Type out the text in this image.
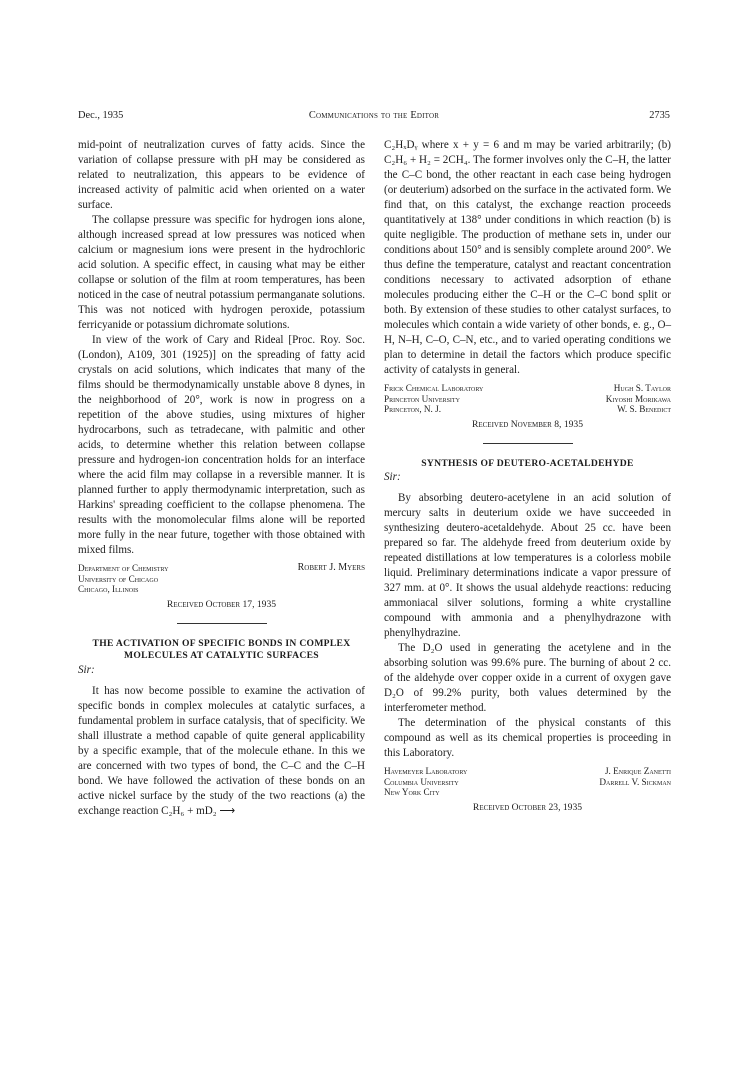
Dec., 1935	Communications to the Editor	2735

mid-point of neutralization curves of fatty acids. Since the variation of collapse pressure with pH may be considered as related to neutralization, this appears to be evidence of increased activity of palmitic acid when oriented on a water surface.

The collapse pressure was specific for hydrogen ions alone, although increased spread at low pressures was noticed when calcium or magnesium ions were present in the hydrochloric acid solution. A specific effect, in causing what may be either collapse or solution of the film at room temperatures, has been noticed in the case of neutral potassium permanganate solutions. This was not noticed with hydrogen peroxide, potassium ferricyanide or potassium dichromate solutions.

In view of the work of Cary and Rideal [Proc. Roy. Soc. (London), A109, 301 (1925)] on the spreading of fatty acid crystals on acid solutions, which indicates that many of the films should be thermodynamically unstable above 8 dynes, in the neighborhood of 20°, work is now in progress on a repetition of the above studies, using mixtures of higher hydrocarbons, such as tetradecane, with palmitic and other acids, to determine whether this relation between collapse pressure and hydrogen-ion concentration holds for an interface where the acid film may collapse in a reversible manner. It is planned further to apply thermodynamic interpretation, such as Harkins' spreading coefficient to the collapse phenomena. The results with the monomolecular films alone will be reported more fully in the near future, together with those obtained with mixed films.

Department of Chemistry	Robert J. Myers
University of Chicago
Chicago, Illinois
Received October 17, 1935
THE ACTIVATION OF SPECIFIC BONDS IN COMPLEX MOLECULES AT CATALYTIC SURFACES
Sir:

It has now become possible to examine the activation of specific bonds in complex molecules at catalytic surfaces, a fundamental problem in surface catalysis, that of specificity. We shall illustrate a method capable of quite general applicability by a specific example, that of the molecule ethane. In this we are concerned with two types of bond, the C–C and the C–H bond. We have followed the activation of these bonds on an active nickel surface by the study of the two reactions (a) the exchange reaction C₂H₆ + mD₂ ⟶

C₂HₓDᵧ where x + y = 6 and m may be varied arbitrarily; (b) C₂H₆ + H₂ = 2CH₄. The former involves only the C–H, the latter the C–C bond, the other reactant in each case being hydrogen (or deuterium) adsorbed on the surface in the activated form. We find that, on this catalyst, the exchange reaction proceeds quantitatively at 138° under conditions in which reaction (b) is quite negligible. The production of methane sets in, under our conditions about 150° and is sensibly complete around 200°. We thus define the temperature, catalyst and reactant concentration conditions necessary to activated adsorption of ethane molecules producing either the C–H or the C–C bond split or both. By extension of these studies to other catalyst surfaces, to molecules which contain a wide variety of other bonds, e. g., O–H, N–H, C–O, C–N, etc., and to varied operating conditions we plan to determine in detail the factors which produce specific activity of catalysts in general.

Frick Chemical Laboratory	Hugh S. Taylor
Princeton University	Kiyoshi Morikawa
Princeton, N. J.	W. S. Benedict
Received November 8, 1935
SYNTHESIS OF DEUTERO-ACETALDEHYDE
Sir:

By absorbing deutero-acetylene in an acid solution of mercury salts in deuterium oxide we have succeeded in synthesizing deutero-acetaldehyde. About 25 cc. have been prepared so far. The aldehyde freed from deuterium oxide by repeated distillations at low temperatures is a colorless mobile liquid. Preliminary determinations indicate a vapor pressure of 327 mm. at 0°. It shows the usual aldehyde reactions: reducing ammoniacal silver solutions, forming a white crystalline compound with ammonia and a phenylhydrazone with phenylhydrazine.

The D₂O used in generating the acetylene and in the absorbing solution was 99.6% pure. The burning of about 2 cc. of the aldehyde over copper oxide in a current of oxygen gave D₂O of 99.2% purity, both values determined by the interferometer method.

The determination of the physical constants of this compound as well as its chemical properties is proceeding in this Laboratory.

Havemeyer Laboratory	J. Enrique Zanetti
Columbia University	Darrell V. Sickman
New York City
Received October 23, 1935
